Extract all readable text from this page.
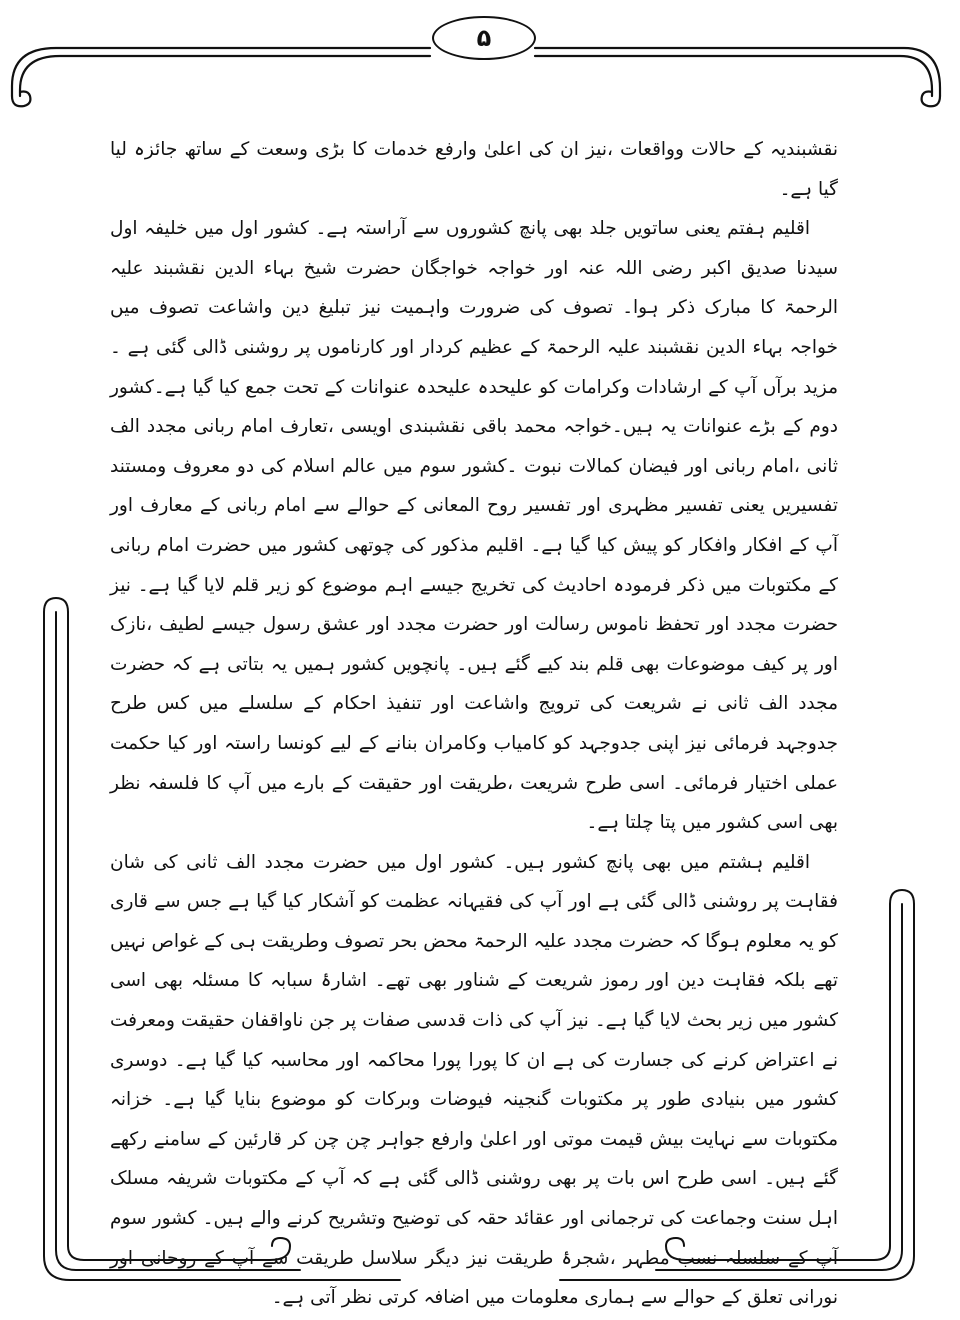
۵

نقشبندیہ کے حالات وواقعات ،نیز ان کی اعلیٰ وارفع خدمات کا بڑی وسعت کے ساتھ جائزہ لیا گیا ہے۔

اقلیم ہفتم یعنی ساتویں جلد بھی پانچ کشوروں سے آراستہ ہے۔ کشور اول میں خلیفہ اول سیدنا صدیق اکبر رضی اللہ عنہ اور خواجہ خواجگان حضرت شیخ بہاء الدین نقشبند علیہ الرحمۃ کا مبارک ذکر ہوا۔ تصوف کی ضرورت واہمیت نیز تبلیغ دین واشاعت تصوف میں خواجہ بہاء الدین نقشبند علیہ الرحمۃ کے عظیم کردار اور کارناموں پر روشنی ڈالی گئی ہے ۔مزید برآں آپ کے ارشادات وکرامات کو علیحدہ علیحدہ عنوانات کے تحت جمع کیا گیا ہے۔کشور دوم کے بڑے عنوانات یہ ہیں۔خواجہ محمد باقی نقشبندی اویسی ،تعارف امام ربانی مجدد الف ثانی ،امام ربانی اور فیضان کمالات نبوت ۔کشور سوم میں عالم اسلام کی دو معروف ومستند تفسیریں یعنی تفسیر مظہری اور تفسیر روح المعانی کے حوالے سے امام ربانی کے معارف اور آپ کے افکار وافکار کو پیش کیا گیا ہے۔ اقلیم مذکور کی چوتھی کشور میں حضرت امام ربانی کے مکتوبات میں ذکر فرمودہ احادیث کی تخریج جیسے اہم موضوع کو زیر قلم لایا گیا ہے۔ نیز حضرت مجدد اور تحفظ ناموس رسالت اور حضرت مجدد اور عشق رسول جیسے لطیف ،نازک اور پر کیف موضوعات بھی قلم بند کیے گئے ہیں۔ پانچویں کشور ہمیں یہ بتاتی ہے کہ حضرت مجدد الف ثانی نے شریعت کی ترویج واشاعت اور تنفیذ احکام کے سلسلے میں کس طرح جدوجہد فرمائی نیز اپنی جدوجہد کو کامیاب وکامران بنانے کے لیے کونسا راستہ اور کیا حکمت عملی اختیار فرمائی۔ اسی طرح شریعت ،طریقت اور حقیقت کے بارے میں آپ کا فلسفہ نظر بھی اسی کشور میں پتا چلتا ہے۔

اقلیم ہشتم میں بھی پانچ کشور ہیں۔ کشور اول میں حضرت مجدد الف ثانی کی شان فقاہت پر روشنی ڈالی گئی ہے اور آپ کی فقیہانہ عظمت کو آشکار کیا گیا ہے جس سے قاری کو یہ معلوم ہوگا کہ حضرت مجدد علیہ الرحمۃ محض بحر تصوف وطریقت ہی کے غواص نہیں تھے بلکہ فقاہت دین اور رموز شریعت کے شناور بھی تھے۔ اشارۂ سبابہ کا مسئلہ بھی اسی کشور میں زیر بحث لایا گیا ہے۔ نیز آپ کی ذات قدسی صفات پر جن ناواقفان حقیقت ومعرفت نے اعتراض کرنے کی جسارت کی ہے ان کا پورا پورا محاکمہ اور محاسبہ کیا گیا ہے۔ دوسری کشور میں بنیادی طور پر مکتوبات گنجینہ فیوضات وبرکات کو موضوع بنایا گیا ہے۔ خزانہ مکتوبات سے نہایت بیش قیمت موتی اور اعلیٰ وارفع جواہر چن چن کر قارئین کے سامنے رکھے گئے ہیں۔ اسی طرح اس بات پر بھی روشنی ڈالی گئی ہے کہ آپ کے مکتوبات شریفہ مسلک اہل سنت وجماعت کی ترجمانی اور عقائد حقہ کی توضیح وتشریح کرنے والے ہیں۔ کشور سوم آپ کے سلسلہ نسب مطہر ،شجرۂ طریقت نیز دیگر سلاسل طریقت سے آپ کے روحانی اور نورانی تعلق کے حوالے سے ہماری معلومات میں اضافہ کرتی نظر آتی ہے۔
